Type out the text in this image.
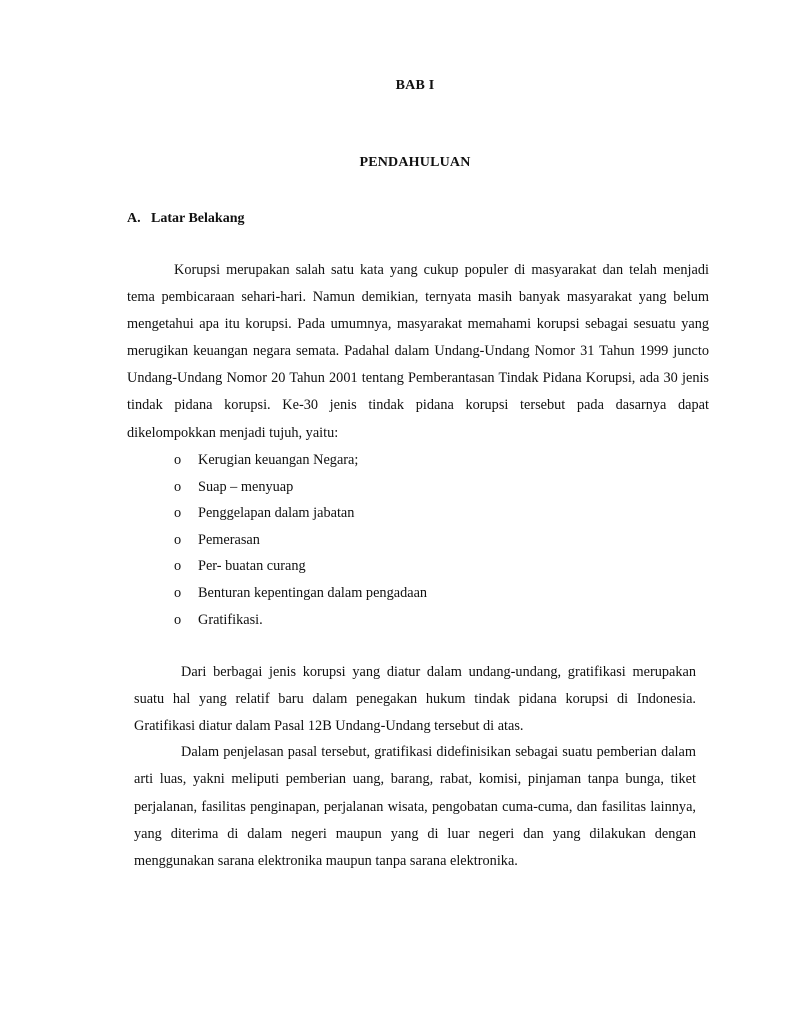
BAB I
PENDAHULUAN
A. Latar Belakang

Korupsi merupakan salah satu kata yang cukup populer di masyarakat dan telah menjadi tema pembicaraan sehari-hari. Namun demikian, ternyata masih banyak masyarakat yang belum mengetahui apa itu korupsi. Pada umumnya, masyarakat memahami korupsi sebagai sesuatu yang merugikan keuangan negara semata. Padahal dalam Undang-Undang Nomor 31 Tahun 1999 juncto Undang-Undang Nomor 20 Tahun 2001 tentang Pemberantasan Tindak Pidana Korupsi, ada 30 jenis tindak pidana korupsi. Ke-30 jenis tindak pidana korupsi tersebut pada dasarnya dapat dikelompokkan menjadi tujuh, yaitu:

o Kerugian keuangan Negara;
o Suap – menyuap
o Penggelapan dalam jabatan
o Pemerasan
o Per- buatan curang
o Benturan kepentingan dalam pengadaan
o Gratifikasi.

Dari berbagai jenis korupsi yang diatur dalam undang-undang, gratifikasi merupakan suatu hal yang relatif baru dalam penegakan hukum tindak pidana korupsi di Indonesia. Gratifikasi diatur dalam Pasal 12B Undang-Undang tersebut di atas.

Dalam penjelasan pasal tersebut, gratifikasi didefinisikan sebagai suatu pemberian dalam arti luas, yakni meliputi pemberian uang, barang, rabat, komisi, pinjaman tanpa bunga, tiket perjalanan, fasilitas penginapan, perjalanan wisata, pengobatan cuma-cuma, dan fasilitas lainnya, yang diterima di dalam negeri maupun yang di luar negeri dan yang dilakukan dengan menggunakan sarana elektronika maupun tanpa sarana elektronika.
